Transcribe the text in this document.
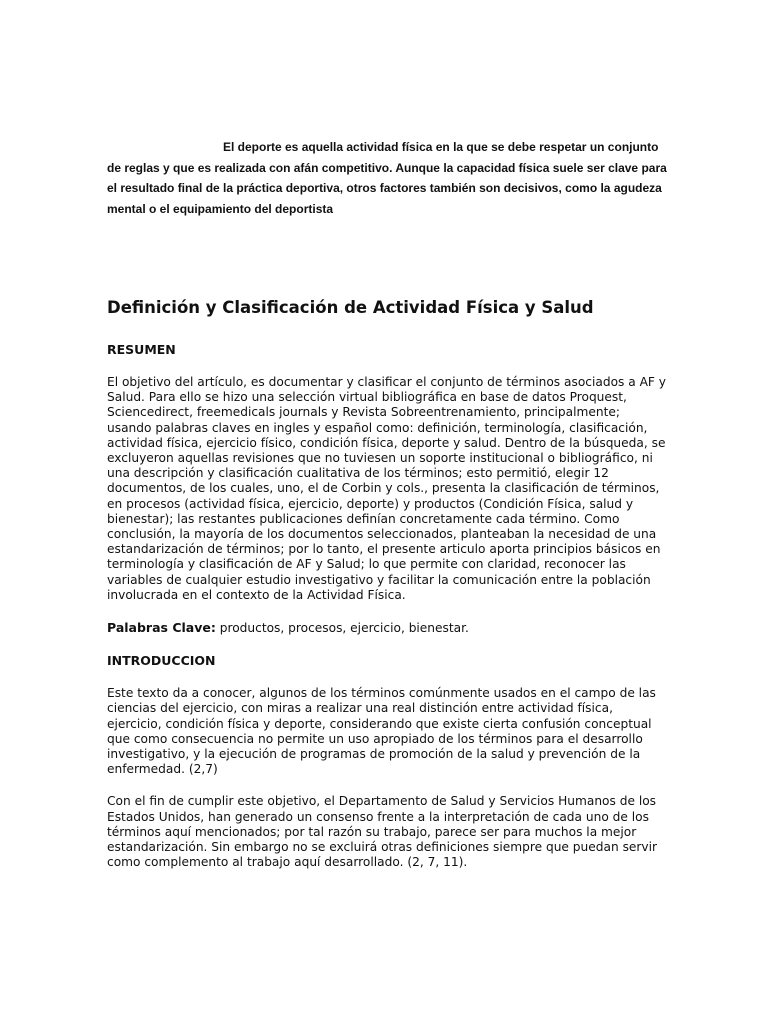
El deporte es aquella actividad física en la que se debe respetar un conjunto de reglas y que es realizada con afán competitivo. Aunque la capacidad física suele ser clave para el resultado final de la práctica deportiva, otros factores también son decisivos, como la agudeza mental o el equipamiento del deportista

Definición y Clasificación de Actividad Física y Salud
RESUMEN

El objetivo del artículo, es documentar y clasificar el conjunto de términos asociados a AF y Salud. Para ello se hizo una selección virtual bibliográfica en base de datos Proquest, Sciencedirect, freemedicals journals y Revista Sobreentrenamiento, principalmente; usando palabras claves en ingles y español como: definición, terminología, clasificación, actividad física, ejercicio físico, condición física, deporte y salud. Dentro de la búsqueda, se excluyeron aquellas revisiones que no tuviesen un soporte institucional o bibliográfico, ni una descripción y clasificación cualitativa de los términos; esto permitió, elegir 12 documentos, de los cuales, uno, el de Corbin y cols., presenta la clasificación de términos, en procesos (actividad física, ejercicio, deporte) y productos (Condición Física, salud y bienestar); las restantes publicaciones definían concretamente cada término. Como conclusión, la mayoría de los documentos seleccionados, planteaban la necesidad de una estandarización de términos; por lo tanto, el presente articulo aporta principios básicos en terminología y clasificación de AF y Salud; lo que permite con claridad, reconocer las variables de cualquier estudio investigativo y facilitar la comunicación entre la población involucrada en el contexto de la Actividad Física.

Palabras Clave: productos, procesos, ejercicio, bienestar.

INTRODUCCION

Este texto da a conocer, algunos de los términos comúnmente usados en el campo de las ciencias del ejercicio, con miras a realizar una real distinción entre actividad física, ejercicio, condición física y deporte, considerando que existe cierta confusión conceptual que como consecuencia no permite un uso apropiado de los términos para el desarrollo investigativo, y la ejecución de programas de promoción de la salud y prevención de la enfermedad. (2,7)

Con el fin de cumplir este objetivo, el Departamento de Salud y Servicios Humanos de los Estados Unidos, han generado un consenso frente a la interpretación de cada uno de los términos aquí mencionados; por tal razón su trabajo, parece ser para muchos la mejor estandarización. Sin embargo no se excluirá otras definiciones siempre que puedan servir como complemento al trabajo aquí desarrollado. (2, 7, 11).
